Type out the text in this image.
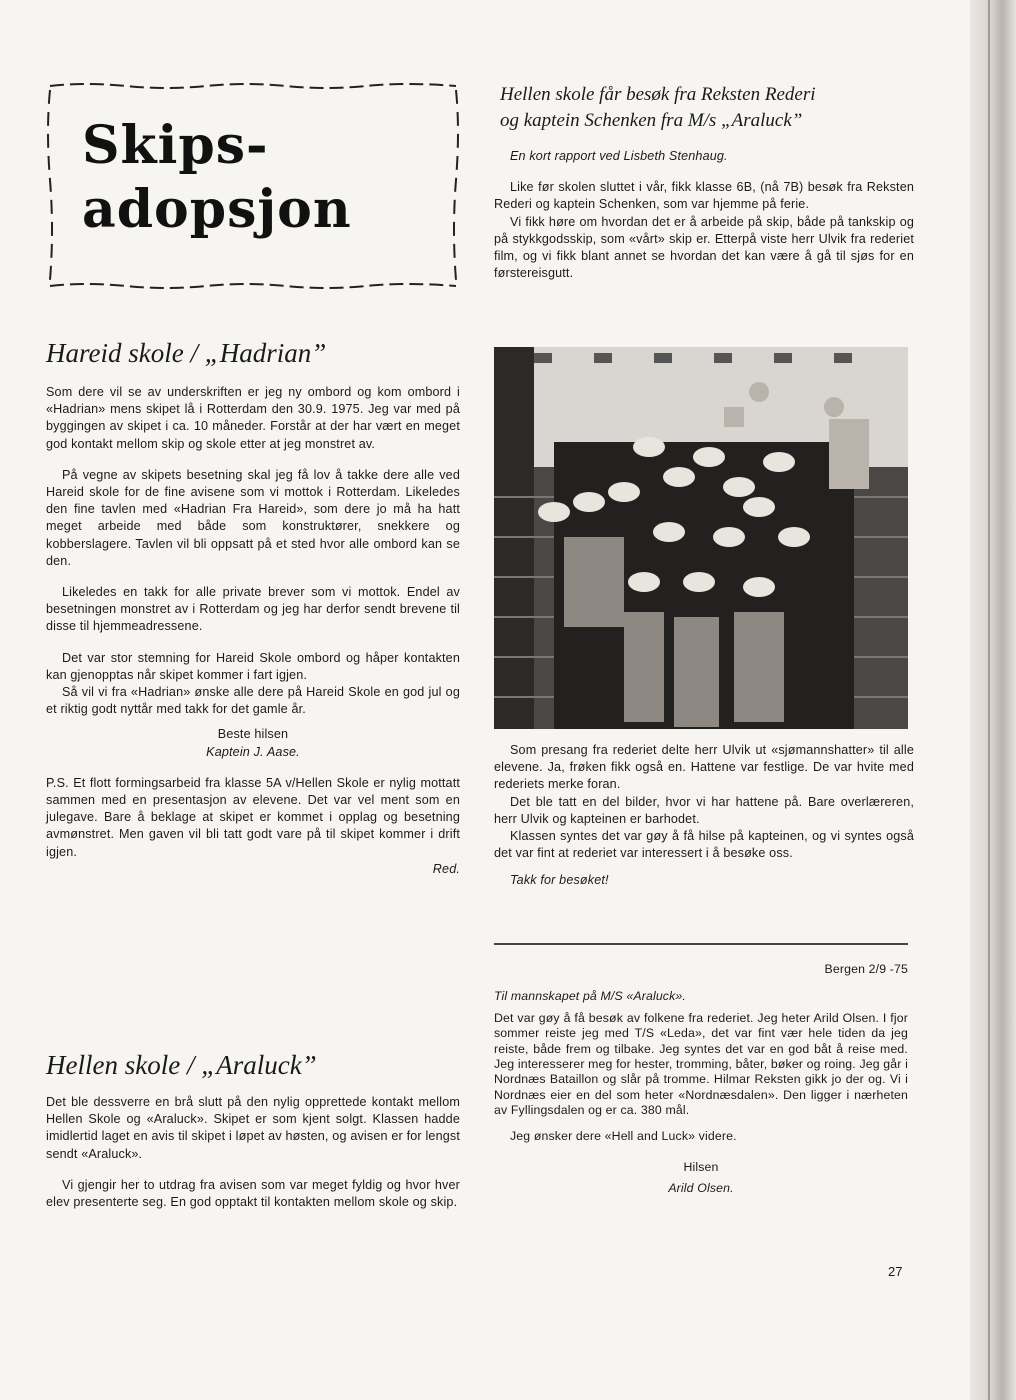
Skips-
adopsjon
Hareid skole / „Hadrian”

Som dere vil se av underskriften er jeg ny ombord og kom ombord i «Hadrian» mens skipet lå i Rotterdam den 30.9. 1975. Jeg var med på byggingen av skipet i ca. 10 måneder. Forstår at der har vært en meget god kontakt mellom skip og skole etter at jeg monstret av.

På vegne av skipets besetning skal jeg få lov å takke dere alle ved Hareid skole for de fine avisene som vi mottok i Rotterdam. Likeledes den fine tavlen med «Hadrian Fra Hareid», som dere jo må ha hatt meget arbeide med både som konstruktører, snekkere og kobberslagere. Tavlen vil bli oppsatt på et sted hvor alle ombord kan se den.

Likeledes en takk for alle private brever som vi mottok. Endel av besetningen monstret av i Rotterdam og jeg har derfor sendt brevene til disse til hjemmeadressene.

Det var stor stemning for Hareid Skole ombord og håper kontakten kan gjenopptas når skipet kommer i fart igjen.

Så vil vi fra «Hadrian» ønske alle dere på Hareid Skole en god jul og et riktig godt nyttår med takk for det gamle år.

Beste hilsen
Kaptein J. Aase.

P.S. Et flott formingsarbeid fra klasse 5A v/Hellen Skole er nylig mottatt sammen med en presentasjon av elevene. Det var vel ment som en julegave. Bare å beklage at skipet er kommet i opplag og besetning avmønstret. Men gaven vil bli tatt godt vare på til skipet kommer i drift igjen.

Red.
Hellen skole / „Araluck”

Det ble dessverre en brå slutt på den nylig opprettede kontakt mellom Hellen Skole og «Araluck». Skipet er som kjent solgt. Klassen hadde imidlertid laget en avis til skipet i løpet av høsten, og avisen er for lengst sendt «Araluck».

Vi gjengir her to utdrag fra avisen som var meget fyldig og hvor hver elev presenterte seg. En god opptakt til kontakten mellom skole og skip.

Hellen skole får besøk fra Reksten Rederi
og kaptein Schenken fra M/s „Araluck”
En kort rapport ved Lisbeth Stenhaug.

Like før skolen sluttet i vår, fikk klasse 6B, (nå 7B) besøk fra Reksten Rederi og kaptein Schenken, som var hjemme på ferie.

Vi fikk høre om hvordan det er å arbeide på skip, både på tankskip og på stykkgodsskip, som «vårt» skip er. Etterpå viste herr Ulvik fra rederiet film, og vi fikk blant annet se hvordan det kan være å gå til sjøs for en førstereisgutt.

Som presang fra rederiet delte herr Ulvik ut «sjømannshatter» til alle elevene. Ja, frøken fikk også en. Hattene var festlige. De var hvite med rederiets merke foran.

Det ble tatt en del bilder, hvor vi har hattene på. Bare overlæreren, herr Ulvik og kapteinen er barhodet.

Klassen syntes det var gøy å få hilse på kapteinen, og vi syntes også det var fint at rederiet var interessert i å besøke oss.

Takk for besøket!

Bergen 2/9 -75
Til mannskapet på M/S «Araluck».

Det var gøy å få besøk av folkene fra rederiet. Jeg heter Arild Olsen. I fjor sommer reiste jeg med T/S «Leda», det var fint vær hele tiden da jeg reiste, både frem og tilbake. Jeg syntes det var en god båt å reise med. Jeg interesserer meg for hester, tromming, båter, bøker og roing. Jeg går i Nordnæs Bataillon og slår på tromme. Hilmar Reksten gikk jo der og. Vi i Nordnæs eier en del som heter «Nordnæsdalen». Den ligger i nærheten av Fyllingsdalen og er ca. 380 mål.

Jeg ønsker dere «Hell and Luck» videre.

Hilsen
Arild Olsen.
27
